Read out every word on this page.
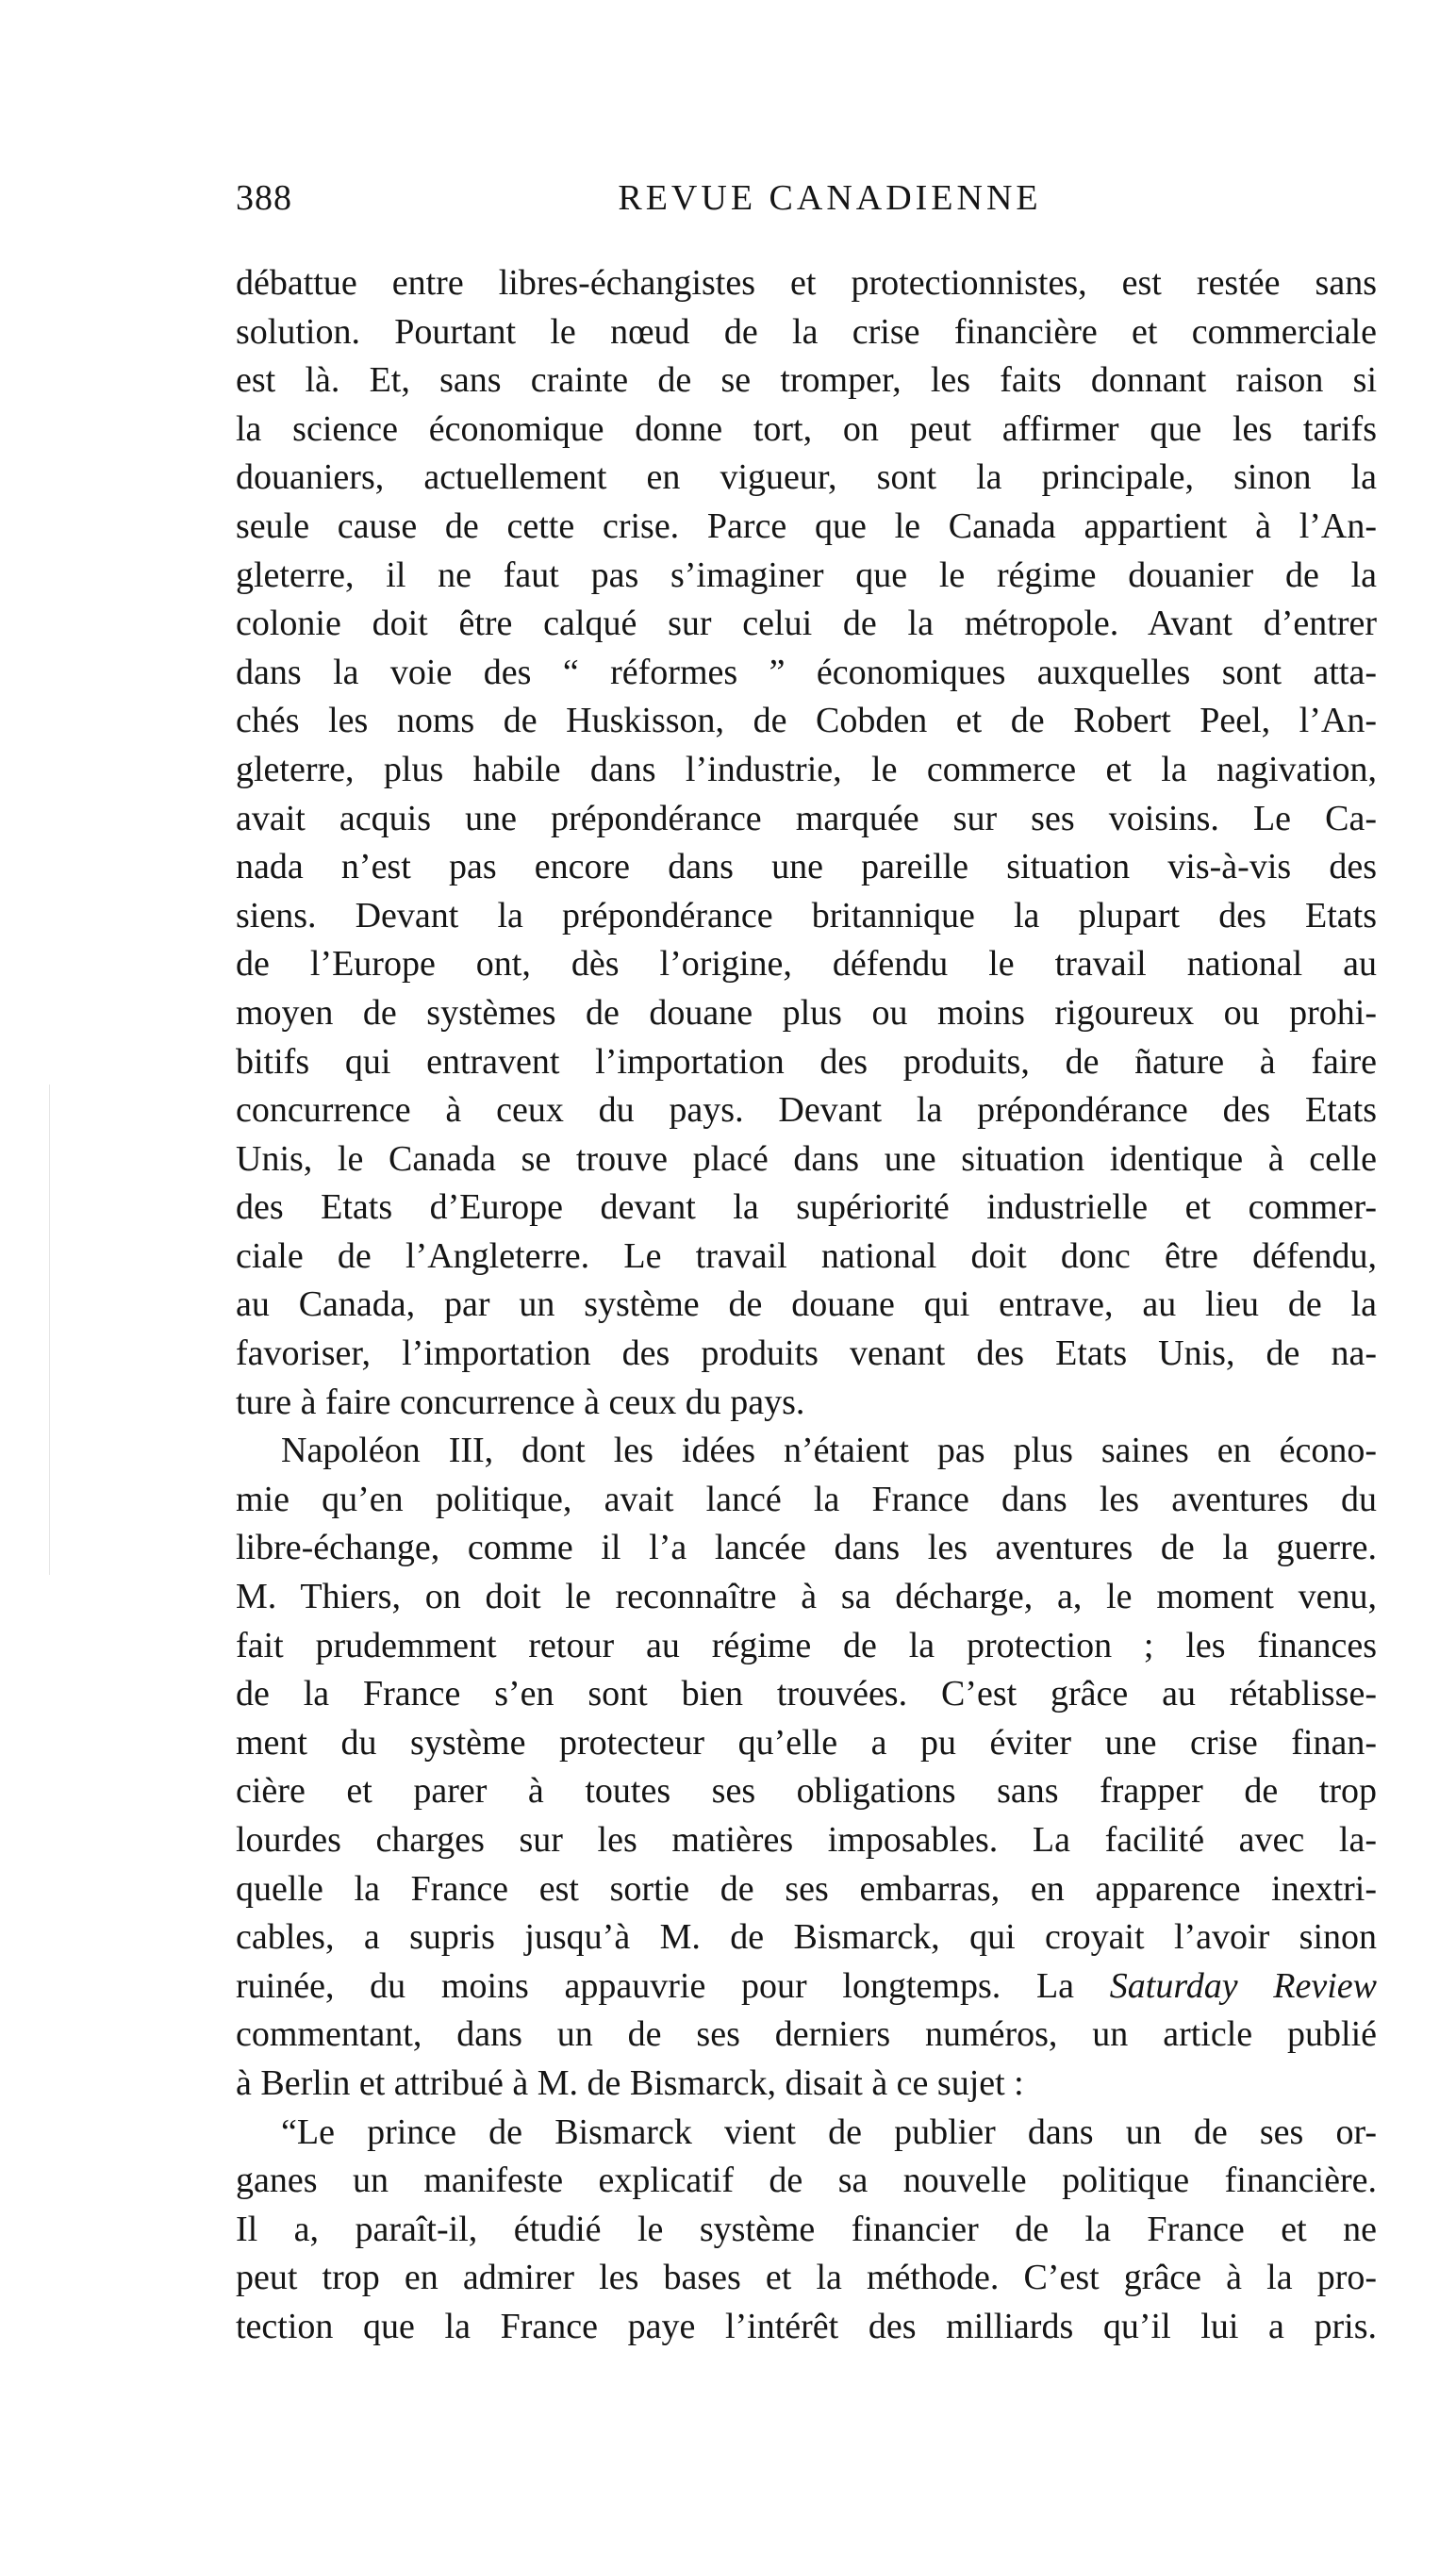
388	REVUE CANADIENNE
débattue entre libres-échangistes et protectionnistes, est restée sans
solution. Pourtant le nœud de la crise financière et commerciale
est là. Et, sans crainte de se tromper, les faits donnant raison si
la science économique donne tort, on peut affirmer que les tarifs
douaniers, actuellement en vigueur, sont la principale, sinon la
seule cause de cette crise. Parce que le Canada appartient à l’An-
gleterre, il ne faut pas s’imaginer que le régime douanier de la
colonie doit être calqué sur celui de la métropole. Avant d’entrer
dans la voie des “ réformes ” économiques auxquelles sont atta-
chés les noms de Huskisson, de Cobden et de Robert Peel, l’An-
gleterre, plus habile dans l’industrie, le commerce et la nagivation,
avait acquis une prépondérance marquée sur ses voisins. Le Ca-
nada n’est pas encore dans une pareille situation vis-à-vis des
siens. Devant la prépondérance britannique la plupart des Etats
de l’Europe ont, dès l’origine, défendu le travail national au
moyen de systèmes de douane plus ou moins rigoureux ou prohi-
bitifs qui entravent l’importation des produits, de ñature à faire
concurrence à ceux du pays. Devant la prépondérance des Etats
Unis, le Canada se trouve placé dans une situation identique à celle
des Etats d’Europe devant la supériorité industrielle et commer-
ciale de l’Angleterre. Le travail national doit donc être défendu,
au Canada, par un système de douane qui entrave, au lieu de la
favoriser, l’importation des produits venant des Etats Unis, de na-
ture à faire concurrence à ceux du pays.
Napoléon III, dont les idées n’étaient pas plus saines en écono-
mie qu’en politique, avait lancé la France dans les aventures du
libre-échange, comme il l’a lancée dans les aventures de la guerre.
M. Thiers, on doit le reconnaître à sa décharge, a, le moment venu,
fait prudemment retour au régime de la protection ; les finances
de la France s’en sont bien trouvées. C’est grâce au rétablisse-
ment du système protecteur qu’elle a pu éviter une crise finan-
cière et parer à toutes ses obligations sans frapper de trop
lourdes charges sur les matières imposables. La facilité avec la-
quelle la France est sortie de ses embarras, en apparence inextri-
cables, a supris jusqu’à M. de Bismarck, qui croyait l’avoir sinon
ruinée, du moins appauvrie pour longtemps. La Saturday Review
commentant, dans un de ses derniers numéros, un article publié
à Berlin et attribué à M. de Bismarck, disait à ce sujet :
“Le prince de Bismarck vient de publier dans un de ses or-
ganes un manifeste explicatif de sa nouvelle politique financière.
Il a, paraît-il, étudié le système financier de la France et ne
peut trop en admirer les bases et la méthode. C’est grâce à la pro-
tection que la France paye l’intérêt des milliards qu’il lui a pris.
